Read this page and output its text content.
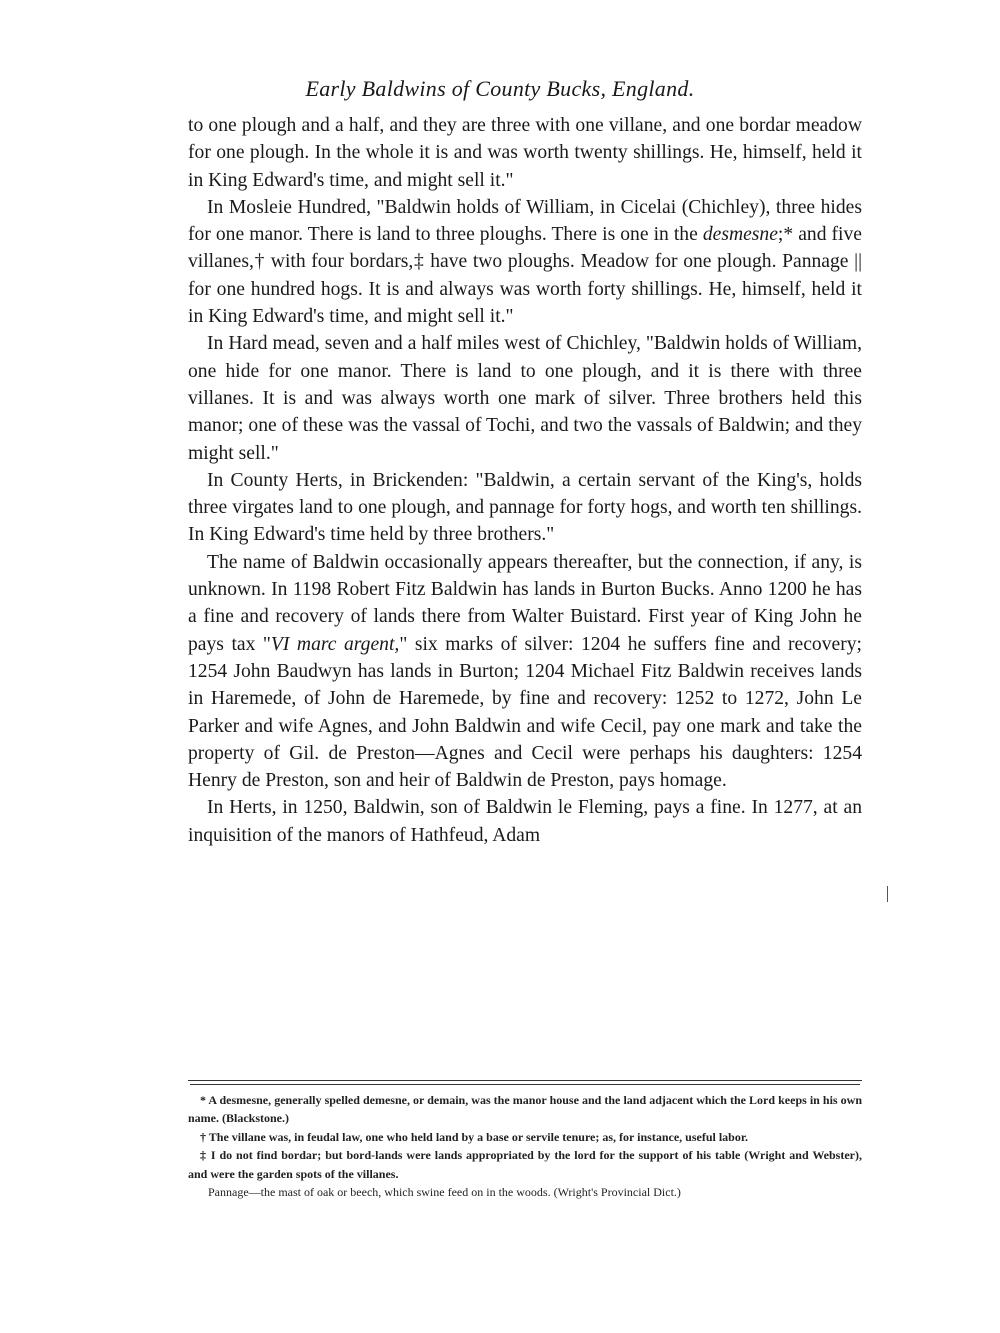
Early Baldwins of County Bucks, England.

to one plough and a half, and they are three with one villane, and one bordar meadow for one plough. In the whole it is and was worth twenty shillings. He, himself, held it in King Edward's time, and might sell it."

In Mosleie Hundred, "Baldwin holds of William, in Cicelai (Chichley), three hides for one manor. There is land to three ploughs. There is one in the desmesne;* and five villanes,† with four bordars,‡ have two ploughs. Meadow for one plough. Pannage || for one hundred hogs. It is and always was worth forty shillings. He, himself, held it in King Edward's time, and might sell it."

In Hard mead, seven and a half miles west of Chichley, "Baldwin holds of William, one hide for one manor. There is land to one plough, and it is there with three villanes. It is and was always worth one mark of silver. Three brothers held this manor; one of these was the vassal of Tochi, and two the vassals of Baldwin; and they might sell."

In County Herts, in Brickenden: "Baldwin, a certain servant of the King's, holds three virgates land to one plough, and pannage for forty hogs, and worth ten shillings. In King Edward's time held by three brothers."

The name of Baldwin occasionally appears thereafter, but the connection, if any, is unknown. In 1198 Robert Fitz Baldwin has lands in Burton Bucks. Anno 1200 he has a fine and recovery of lands there from Walter Buistard. First year of King John he pays tax "VI marc argent," six marks of silver: 1204 he suffers fine and recovery; 1254 John Baudwyn has lands in Burton; 1204 Michael Fitz Baldwin receives lands in Haremede, of John de Haremede, by fine and recovery: 1252 to 1272, John Le Parker and wife Agnes, and John Baldwin and wife Cecil, pay one mark and take the property of Gil. de Preston—Agnes and Cecil were perhaps his daughters: 1254 Henry de Preston, son and heir of Baldwin de Preston, pays homage.

In Herts, in 1250, Baldwin, son of Baldwin le Fleming, pays a fine. In 1277, at an inquisition of the manors of Hathfeud, Adam

* A desmesne, generally spelled demesne, or demain, was the manor house and the land adjacent which the Lord keeps in his own name. (Blackstone.)

† The villane was, in feudal law, one who held land by a base or servile tenure; as, for instance, useful labor.

‡ I do not find bordar; but bord-lands were lands appropriated by the lord for the support of his table (Wright and Webster), and were the garden spots of the villanes.

Pannage—the mast of oak or beech, which swine feed on in the woods. (Wright's Provincial Dict.)
